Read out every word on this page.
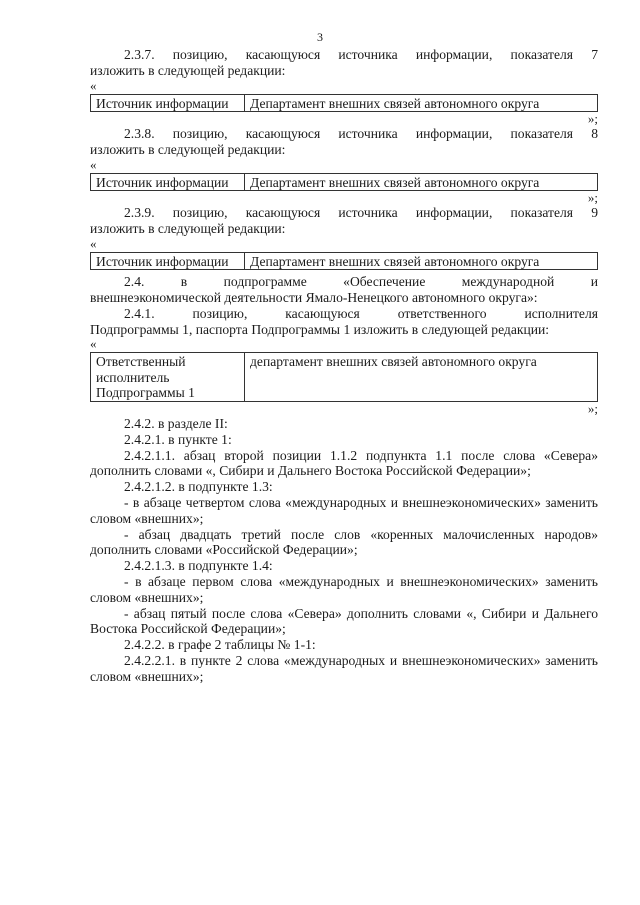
3

2.3.7. позицию, касающуюся источника информации, показателя 7

изложить в следующей редакции:

«
Источник информации	Департамент внешних связей автономного округа
»;

2.3.8. позицию, касающуюся источника информации, показателя 8

изложить в следующей редакции:

«
Источник информации	Департамент внешних связей автономного округа
»;

2.3.9. позицию, касающуюся источника информации, показателя 9

изложить в следующей редакции:

«
Источник информации	Департамент внешних связей автономного округа

2.4. в подпрограмме «Обеспечение международной и

внешнеэкономической деятельности Ямало-Ненецкого автономного округа»:

2.4.1. позицию, касающуюся ответственного исполнителя

Подпрограммы 1, паспорта Подпрограммы 1 изложить в следующей редакции:

«
Ответственный исполнитель Подпрограммы 1	департамент внешних связей автономного округа
»;

2.4.2. в разделе II:

2.4.2.1. в пункте 1:

2.4.2.1.1. абзац второй позиции 1.1.2 подпункта 1.1 после слова «Севера» дополнить словами «, Сибири и Дальнего Востока Российской Федерации»;

2.4.2.1.2. в подпункте 1.3:

- в абзаце четвертом слова «международных и внешнеэкономических» заменить словом «внешних»;

- абзац двадцать третий после слов «коренных малочисленных народов» дополнить словами «Российской Федерации»;

2.4.2.1.3. в подпункте 1.4:

- в абзаце первом слова «международных и внешнеэкономических» заменить словом «внешних»;

- абзац пятый после слова «Севера» дополнить словами «, Сибири и Дальнего Востока Российской Федерации»;

2.4.2.2. в графе 2 таблицы № 1-1:

2.4.2.2.1. в пункте 2 слова «международных и внешнеэкономических» заменить словом «внешних»;
